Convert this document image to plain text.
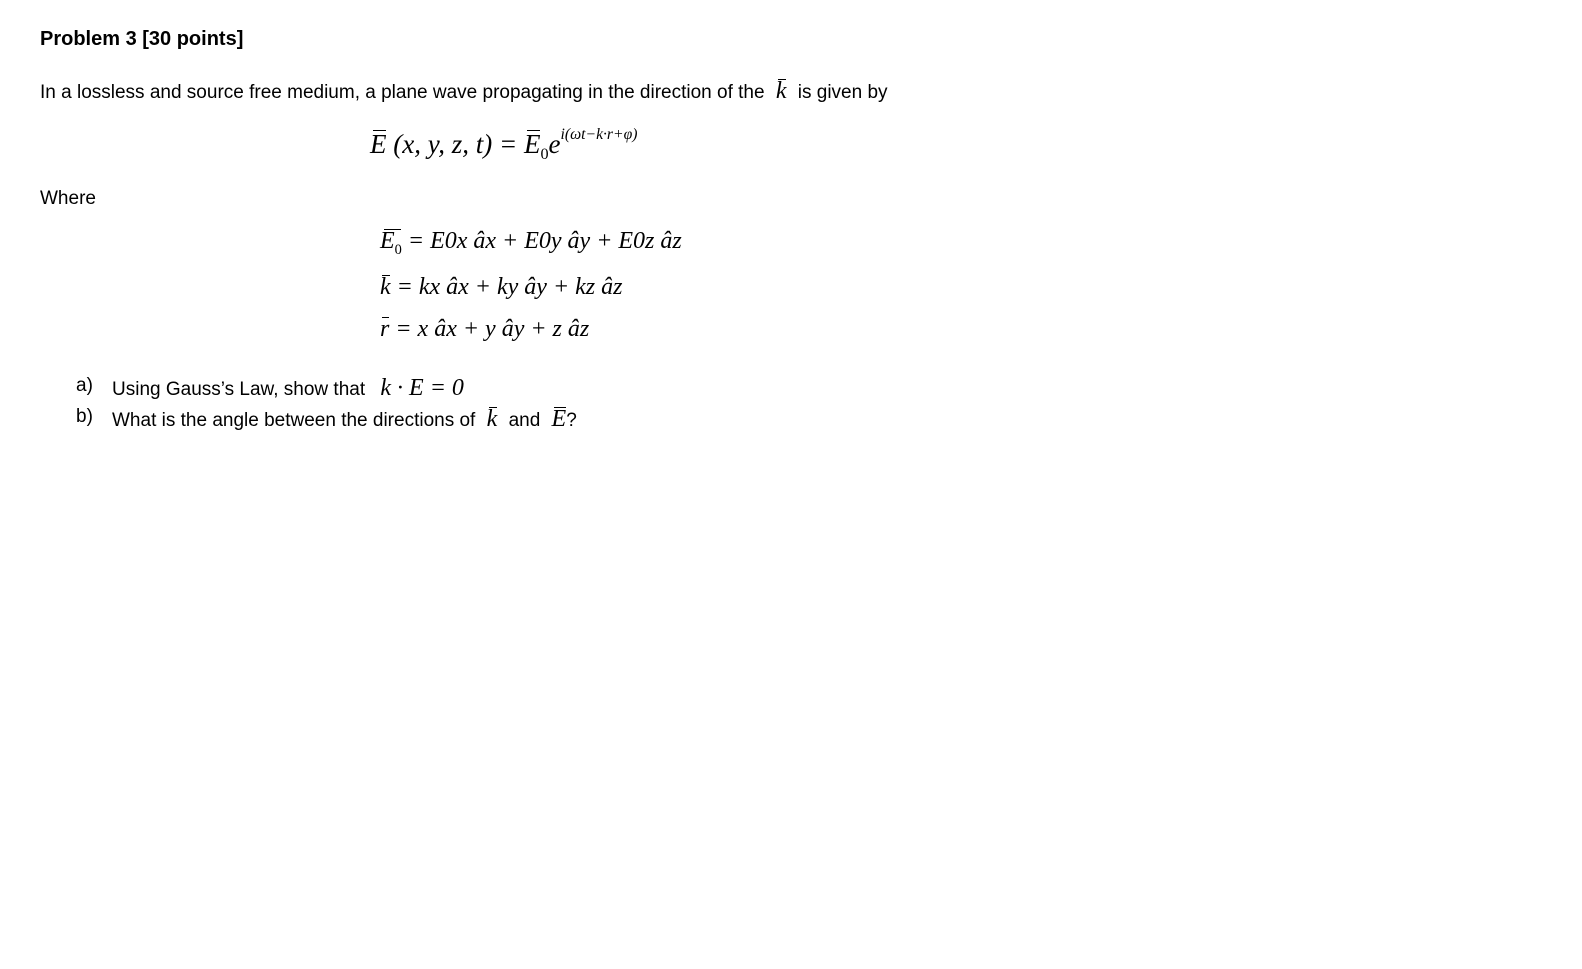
Problem 3 [30 points]
In a lossless and source free medium, a plane wave propagating in the direction of the k is given by
E (x, y, z, $t) = E_0ei(\omega t-k\cdot r+\varphi)$
Where
$E_0 = E0x$ âx + E0y ây + E0z âz
k = kx âx + ky ây + kz âz
r = x âx + y ây + z âz
a) Using Gauss’s Law, show that k · E = 0
b) What is the angle between the directions of k and E?
